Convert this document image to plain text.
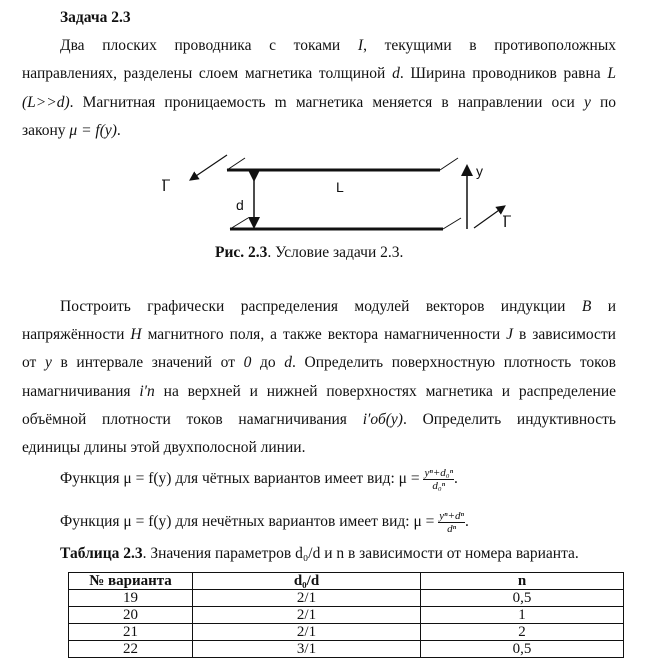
Задача 2.3
Два плоских проводника с токами I, текущими в противоположных
направлениях, разделены слоем магнетика толщиной d. Ширина проводников равна L
(L>>d). Магнитная проницаемость m магнетика меняется в направлении оси y по
закону μ = f(y).
I
I
L
d
y
Рис. 2.3. Условие задачи 2.3.
Построить графически распределения модулей векторов индукции B и
напряжённости H магнитного поля, а также вектора намагниченности J в зависимости
от y в интервале значений от 0 до d. Определить поверхностную плотность токов
намагничивания i′п на верхней и нижней поверхностях магнетика и распределение
объёмной плотности токов намагничивания i′об(y). Определить индуктивность
единицы длины этой двухполосной линии.
Функция μ = f(y) для чётных вариантов имеет вид: $\mu = \frac{\text{yⁿ+d₀ⁿ}}{\text{d₀ⁿ}}$ .
Функция μ = f(y) для нечётных вариантов имеет вид: $\mu = \frac{\text{yⁿ+dⁿ}}{\text{dⁿ}}$ .
Таблица 2.3. Значения параметров d₀/d и n в зависимости от номера варианта.
№ варианта	d₀/d	n
19	2/1	0,5
20	2/1	1
21	2/1	2
22	3/1	0,5
